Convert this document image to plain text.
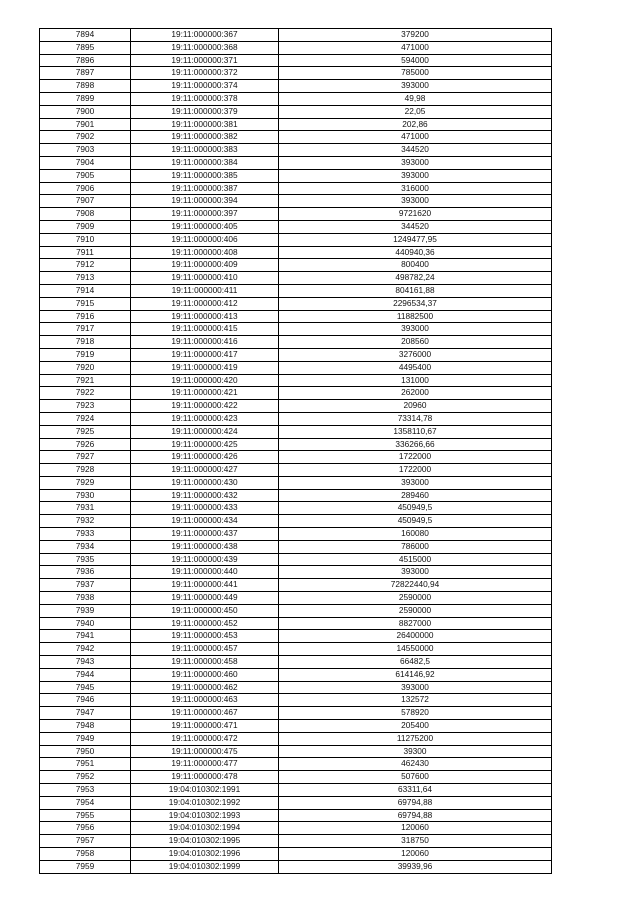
7894	19:11:000000:367	379200
7895	19:11:000000:368	471000
7896	19:11:000000:371	594000
7897	19:11:000000:372	785000
7898	19:11:000000:374	393000
7899	19:11:000000:378	49,98
7900	19:11:000000:379	22,05
7901	19:11:000000:381	202,86
7902	19:11:000000:382	471000
7903	19:11:000000:383	344520
7904	19:11:000000:384	393000
7905	19:11:000000:385	393000
7906	19:11:000000:387	316000
7907	19:11:000000:394	393000
7908	19:11:000000:397	9721620
7909	19:11:000000:405	344520
7910	19:11:000000:406	1249477,95
7911	19:11:000000:408	440940,36
7912	19:11:000000:409	800400
7913	19:11:000000:410	498782,24
7914	19:11:000000:411	804161,88
7915	19:11:000000:412	2296534,37
7916	19:11:000000:413	11882500
7917	19:11:000000:415	393000
7918	19:11:000000:416	208560
7919	19:11:000000:417	3276000
7920	19:11:000000:419	4495400
7921	19:11:000000:420	131000
7922	19:11:000000:421	262000
7923	19:11:000000:422	20960
7924	19:11:000000:423	73314,78
7925	19:11:000000:424	1358110,67
7926	19:11:000000:425	336266,66
7927	19:11:000000:426	1722000
7928	19:11:000000:427	1722000
7929	19:11:000000:430	393000
7930	19:11:000000:432	289460
7931	19:11:000000:433	450949,5
7932	19:11:000000:434	450949,5
7933	19:11:000000:437	160080
7934	19:11:000000:438	786000
7935	19:11:000000:439	4515000
7936	19:11:000000:440	393000
7937	19:11:000000:441	72822440,94
7938	19:11:000000:449	2590000
7939	19:11:000000:450	2590000
7940	19:11:000000:452	8827000
7941	19:11:000000:453	26400000
7942	19:11:000000:457	14550000
7943	19:11:000000:458	66482,5
7944	19:11:000000:460	614146,92
7945	19:11:000000:462	393000
7946	19:11:000000:463	132572
7947	19:11:000000:467	578920
7948	19:11:000000:471	205400
7949	19:11:000000:472	11275200
7950	19:11:000000:475	39300
7951	19:11:000000:477	462430
7952	19:11:000000:478	507600
7953	19:04:010302:1991	63311,64
7954	19:04:010302:1992	69794,88
7955	19:04:010302:1993	69794,88
7956	19:04:010302:1994	120060
7957	19:04:010302:1995	318750
7958	19:04:010302:1996	120060
7959	19:04:010302:1999	39939,96
